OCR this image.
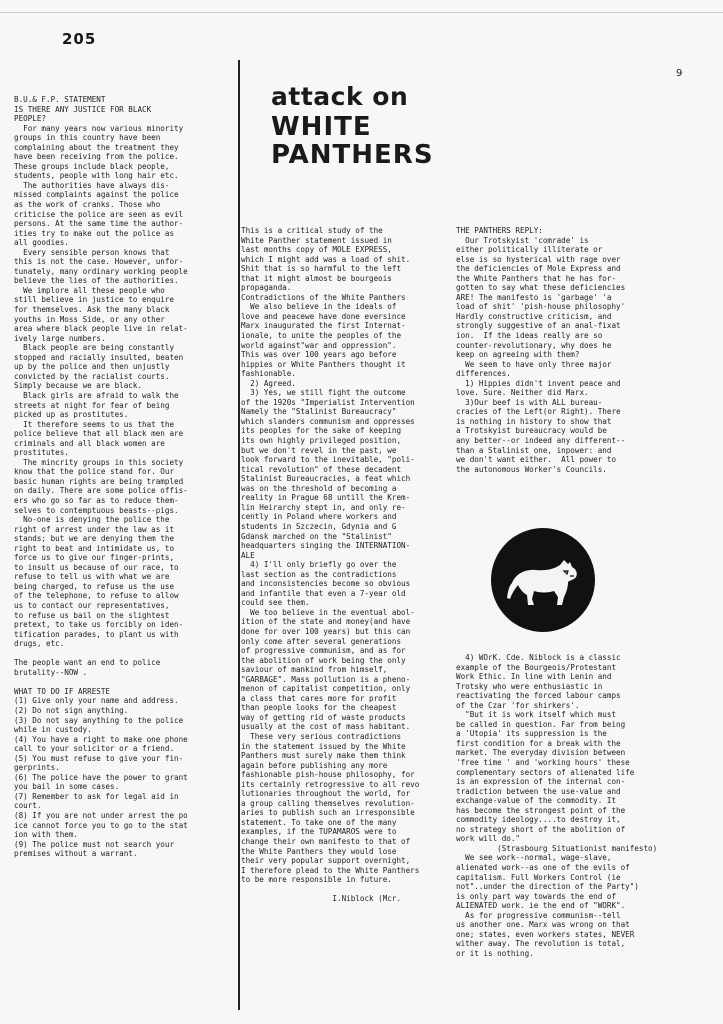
205
9
attack on
WHITE
PANTHERS
B.U.& F.P. STATEMENT
IS THERE ANY JUSTICE FOR BLACK
PEOPLE?
For many years now various minority
groups in this country have been
complaining about the treatment they
have been receiving from the police.
These groups include black people,
students, people with long hair etc.
The authorities have always dis-
missed complaints against the police
as the work of cranks. Those who
criticise the police are seen as evil
persons. At the same time the author-
ities try to make out the police as
all goodies.
Every sensible person knows that
this is not the case. However, unfor-
tunately, many ordinary working people
believe the lies of the authorities.
We implore all these people who
still believe in justice to enquire
for themselves. Ask the many black
youths in Moss Side, or any other
area where black people live in relat-
ively large numbers.
Black people are being constantly
stopped and racially insulted, beaten
up by the police and then unjustly
convicted by the racialist courts.
Simply because we are black.
Black girls are afraid to walk the
streets at night for fear of being
picked up as prostitutes.
It therefore seems to us that the
police believe that all black men are
criminals and all black women are
prostitutes.
The mincrity groups in this society
know that the police stand for. Our
basic human rights are being trampled
on daily. There are some police offis-
ers who go so far as to reduce them-
selves to contemptuous beasts--pigs.
No-one is denying the police the
right of arrest under the law as it
stands; but we are denying them the
right to beat and intimidate us, to
force us to give our finger-prints,
to insult us because of our race, to
refuse to tell us with what we are
being charged, to refuse us the use
of the telephone, to refuse to allow
us to contact our representatives,
to refuse us bail on the slightest
pretext, to take us forcibly on iden-
tification parades, to plant us with
drugs, etc.
The people want an end to police
brutality--NOW .
WHAT TO DO IF ARRESTE
(1) Give only your name and address.
(2) Do not sign anything.
(3) Do not say anything to the police
while in custody.
(4) You have a right to make one phone
call to your solicitor or a friend.
(5) You must refuse to give your fin-
gerprints.
(6) The police have the power to grant
you bail in some cases.
(7) Remember to ask for legal aid in
court.
(8) If you are not under arrest the po
ice cannot force you to go to the stat
ion with them.
(9) The police must not search your
premises without a warrant.
This is a critical study of the
White Panther statement issued in
last months copy of MOLE EXPRESS,
which I might add was a load of shit.
Shit that is so harmful to the left
that it might almost be bourgeois
propaganda.
Contradictions of the White Panthers
We also believe in the ideals of
love and peacewe have done eversince
Marx inaugurated the first Internat-
ionale, to unite the peoples of the
world against"war and oppression".
This was over 100 years ago before
hippies or White Panthers thought it
fashionable.
2) Agreed.
3) Yes, we still fight the outcome
of the 1920s "Imperialist Intervention
Namely the "Stalinist Bureaucracy"
which slanders communism and oppresses
its peoples for the sake of keeping
its own highly privileged position,
but we don't revel in the past, we
look forward to the inevitable, "poli-
tical revolution" of these decadent
Stalinist Bureaucracies, a feat which
was on the threshold of becoming a
reality in Prague 68 untill the Krem-
lin Heirarchy stept in, and only re-
cently in Poland where workers and
students in Szczecin, Gdynia and G
Gdansk marched on the "Stalinist"
headquarters singing the INTERNATION-
ALE
4) I'll only briefly go over the
last section as the contradictions
and inconsistencies become so obvious
and infantile that even a 7-year old
could see them.
We too believe in the eventual abol-
ition of the state and money(and have
done for over 100 years) but this can
only come after several generations
of progressive communism, and as for
the abolition of work being the only
saviour of mankind from himself,
"GARBAGE". Mass pollution is a pheno-
menon of capitalist competition, only
a class that cares more for profit
than people looks for the cheapest
way of getting rid of waste products
usually at the cost of mass habitant.
These very serious contradictions
in the statement issued by the White
Panthers must surely make them think
again before publishing any more
fashionable pish-house philosophy, for
its certainly retrogressive to all revo
lutionaries throughout the world, for
a group calling themselves revolution-
aries to publish such an irresponsible
statement. To take one of the many
examples, if the TUPAMAROS were to
change their own manifesto to that of
the White Panthers they would lose
their very popular support overnight,
I therefore plead to the White Panthers
to be more responsible in future.
I.Niblock (Mcr.
THE PANTHERS REPLY:
Our Trotskyist 'comrade' is
either politically illiterate or
else is so hysterical with rage over
the deficiencies of Mole Express and
the White Panthers that he has for-
gotten to say what these deficiencies
ARE! The manifesto is 'garbage' 'a
load of shit' 'pish-house philosophy'
Hardly constructive criticism, and
strongly suggestive of an anal-fixat
ion.  If the ideas really are so
counter-revolutionary, why does he
keep on agreeing with them?
We seem to have only three major
differences.
1) Hippies didn't invent peace and
love. Sure. Neither did Marx.
3)Our beef is with ALL bureau-
cracies of the Left(or Right). There
is nothing in history to show that
a Trotskyist bureaucracy would be
any better--or indeed any different--
than a Stalinist one, inpower: and
we don't want either.  All power to
the autonomous Worker's Councils.
4) WOrK. Cde. Niblock is a classic
example of the Bourgeois/Protestant
Work Ethic. In line with Lenin and
Trotsky who were enthusiastic in
reactivating the forced labour camps
of the Czar 'for shirkers'.
"But it is work itself which must
be called in question. Far from being
a 'Utopia' its suppression is the
first condition for a break with the
market. The everyday division between
'free time ' and 'working hours' these
complementary sectors of alienated life
is an expression of the internal con-
tradiction between the use-value and
exchange-value of the commodity. It
has become the strongest point of the
commodity ideology....to destroy it,
no strategy short of the abolition of
work will do."
(Strasbourg Situationist manifesto)
We see work--normal, wage-slave,
alienated work--as one of the evils of
capitalism. Full Workers Control (ie
not"..under the direction of the Party")
is only part way towards the end of
ALIENATED work. ie the end of "WORK".
As for progressive communism--tell
us another one. Marx was wrong on that
one; states, even workers states, NEVER
wither away. The revolution is total,
or it is nothing.
